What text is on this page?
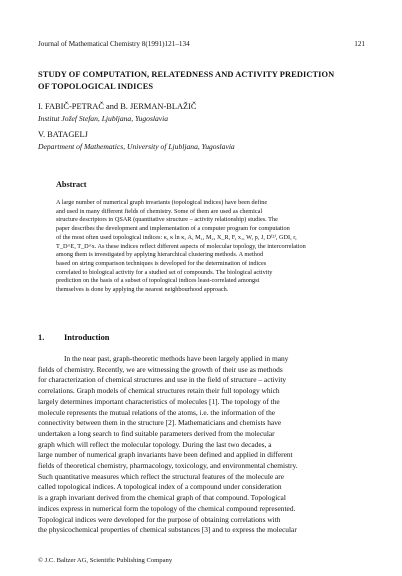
Journal of Mathematical Chemistry 8(1991)121–134	121
STUDY OF COMPUTATION, RELATEDNESS AND ACTIVITY PREDICTION
OF TOPOLOGICAL INDICES
I. FABIČ-PETRAČ and B. JERMAN-BLAŽIČ
Institut Jožef Stefan, Ljubljana, Yugoslavia
V. BATAGELJ
Department of Mathematics, University of Ljubljana, Yugoslavia
Abstract
A large number of numerical graph invariants (topological indices) have been define
and used in many different fields of chemistry. Some of them are used as chemical
structure descriptors in QSAR (quantitative structure – activity relationship) studies. The
paper describes the development and implementation of a computer program for computation
of the most often used topological indices: κ, κ ln κ, A, M₁, M₂, X_R, F, x₁, W, p, J, D⁽²⁾, GDI, r,
T_D^E, T_D^x. As these indices reflect different aspects of molecular topology, the intercorrelation
among them is investigated by applying hierarchical clustering methods. A method
based on string comparison techniques is developed for the determination of indices
correlated to biological activity for a studied set of compounds. The biological activity
prediction on the basis of a subset of topological indices least-correlated amongst
themselves is done by applying the nearest neighbourhood approach.
1. Introduction
In the near past, graph-theoretic methods have been largely applied in many
fields of chemistry. Recently, we are witnessing the growth of their use as methods
for characterization of chemical structures and use in the field of structure – activity
correlations. Graph models of chemical structures retain their full topology which
largely determines important characteristics of molecules [1]. The topology of the
molecule represents the mutual relations of the atoms, i.e. the information of the
connectivity between them in the structure [2]. Mathematicians and chemists have
undertaken a long search to find suitable parameters derived from the molecular
graph which will reflect the molecular topology. During the last two decades, a
large number of numerical graph invariants have been defined and applied in different
fields of theoretical chemistry, pharmacology, toxicology, and environmental chemistry.
Such quantitative measures which reflect the structural features of the molecule are
called topological indices. A topological index of a compound under consideration
is a graph invariant derived from the chemical graph of that compound. Topological
indices express in numerical form the topology of the chemical compound represented.
Topological indices were developed for the purpose of obtaining correlations with
the physicochemical properties of chemical substances [3] and to express the molecular
© J.C. Baltzer AG, Scientific Publishing Company
